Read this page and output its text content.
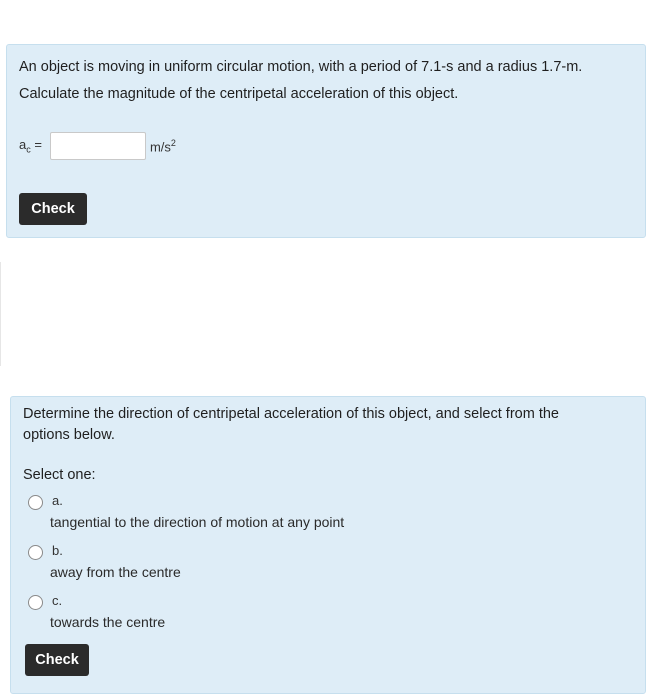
An object is moving in uniform circular motion, with a period of 7.1-s and a radius 1.7-m.
Calculate the magnitude of the centripetal acceleration of this object.
$a_c$ =	$m/s^2$
Check
Determine the direction of centripetal acceleration of this object, and select from the
options below.
Select one:
a.
tangential to the direction of motion at any point
b.
away from the centre
c.
towards the centre
Check
